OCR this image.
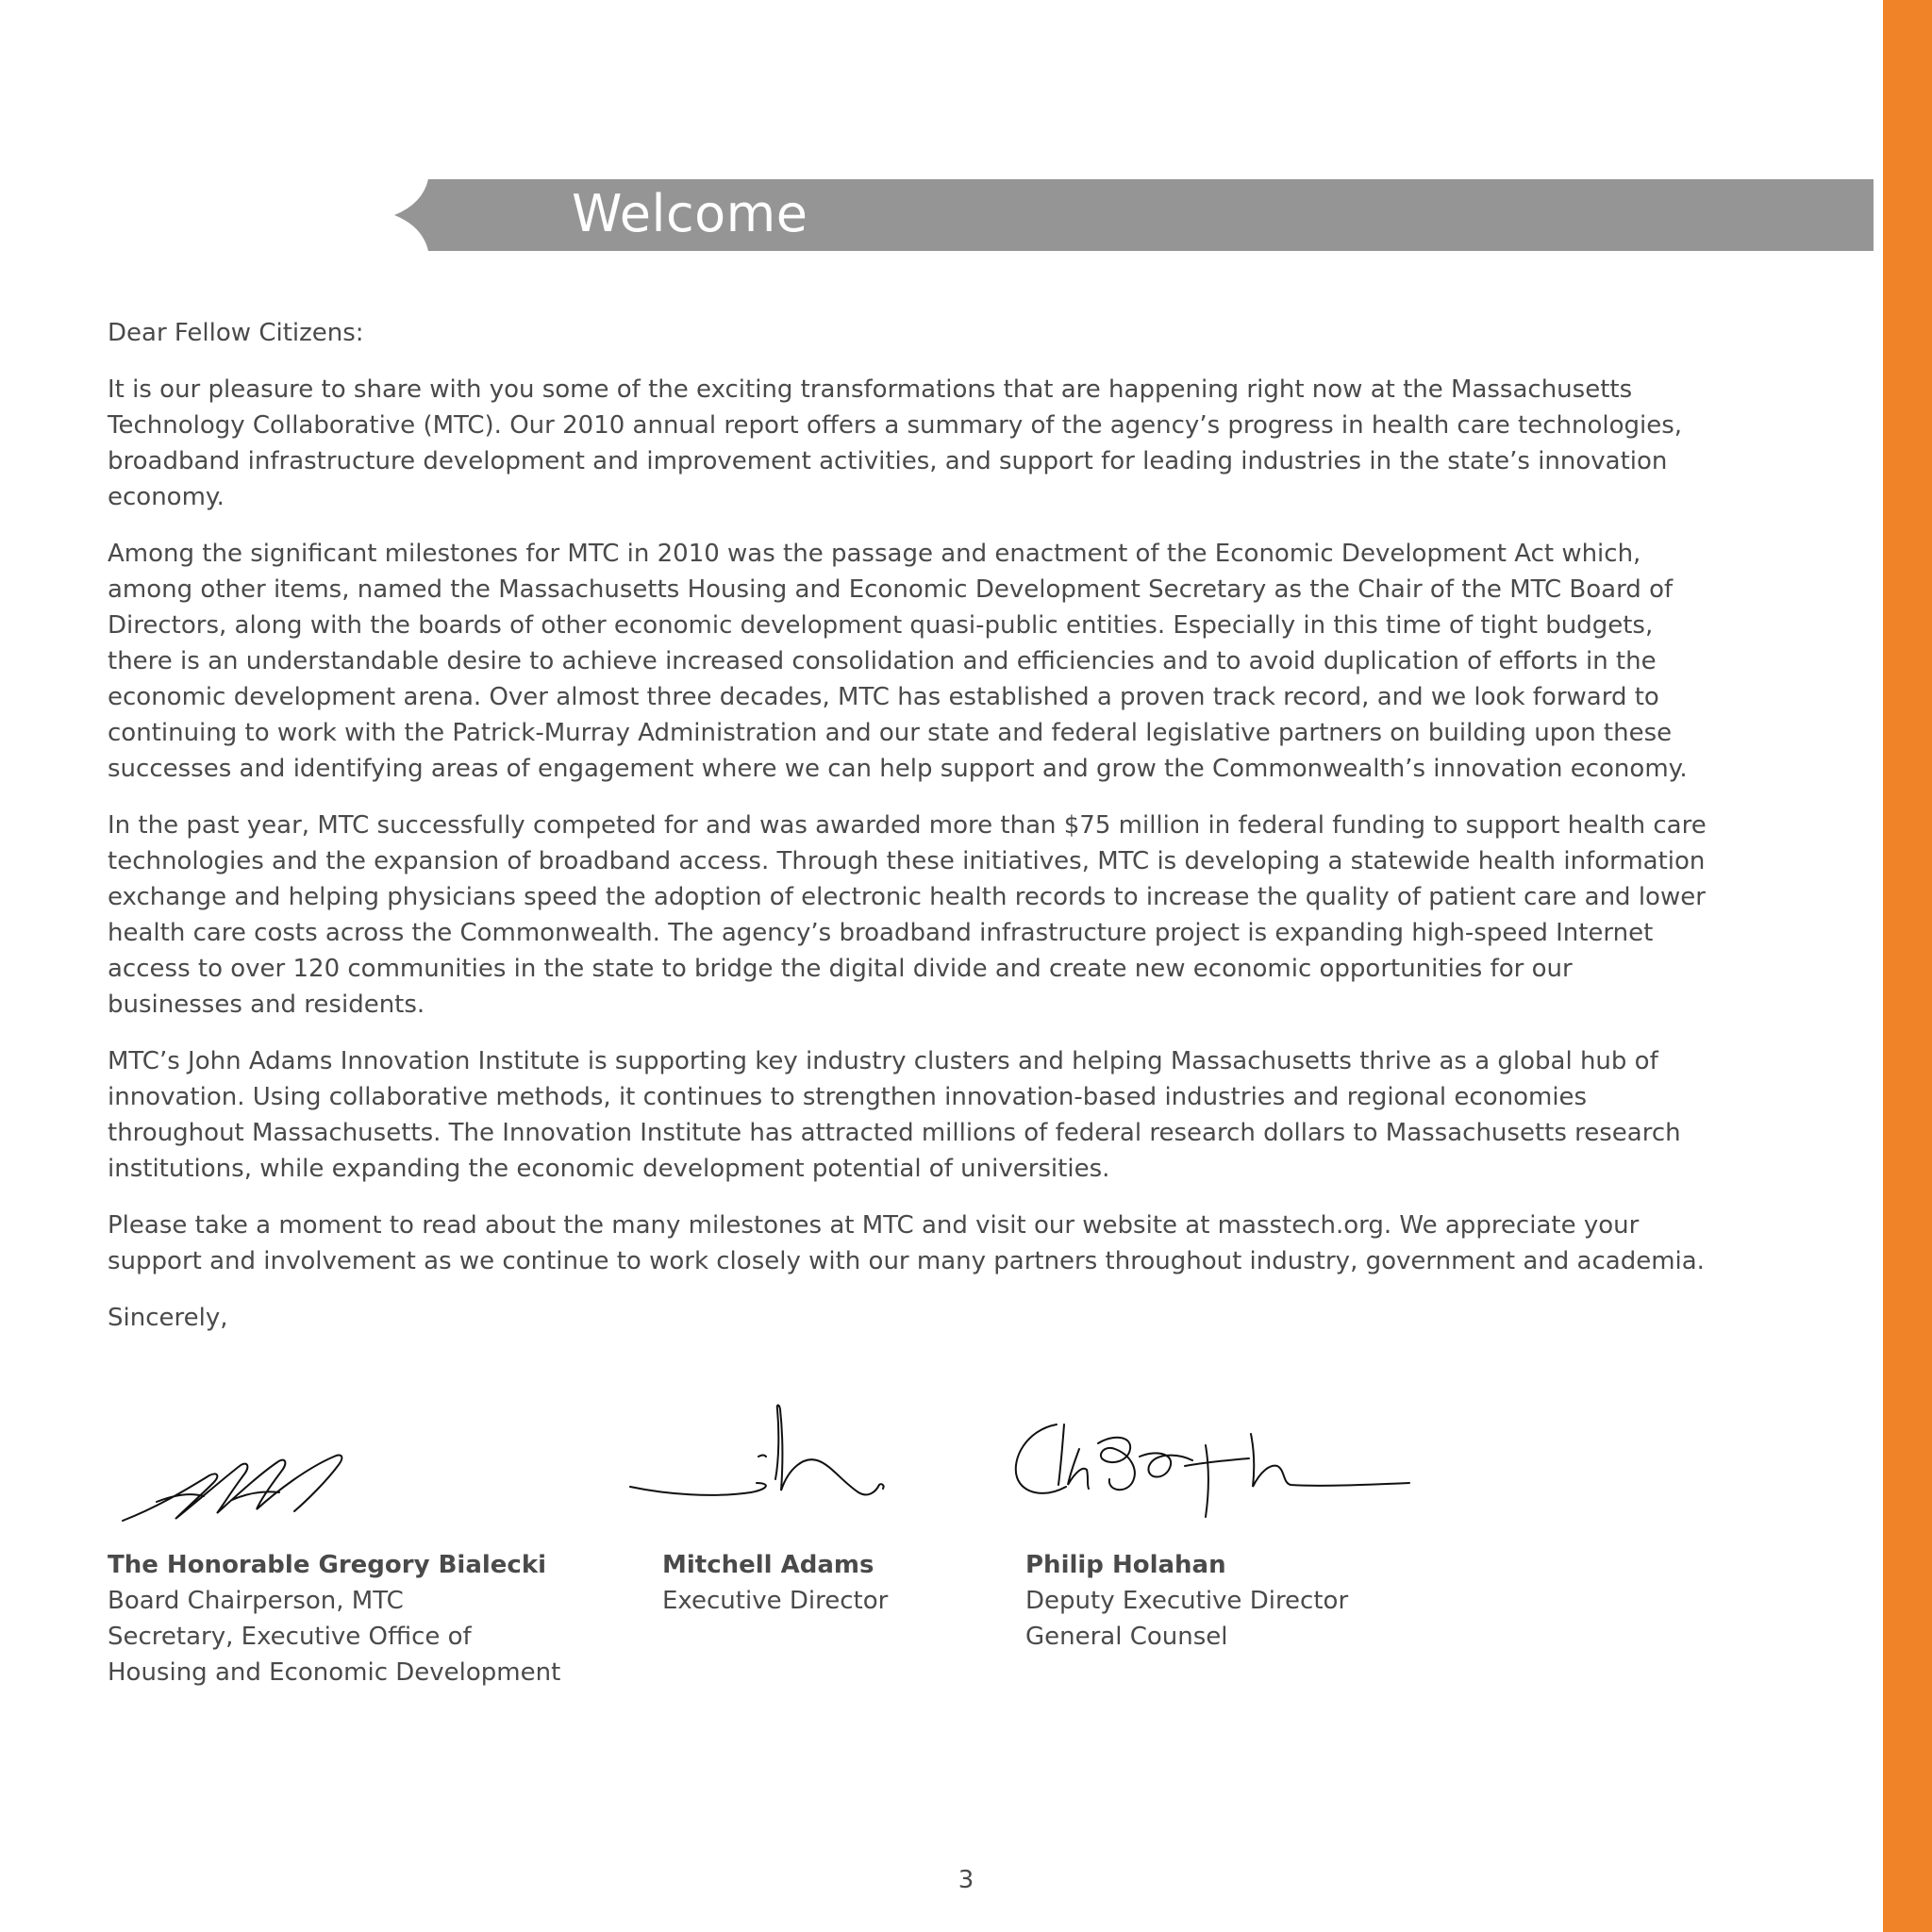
Welcome

Dear Fellow Citizens:

It is our pleasure to share with you some of the exciting transformations that are happening right now at the Massachusetts Technology Collaborative (MTC). Our 2010 annual report offers a summary of the agency’s progress in health care technologies, broadband infrastructure development and improvement activities, and support for leading industries in the state’s innovation economy.

Among the significant milestones for MTC in 2010 was the passage and enactment of the Economic Development Act which, among other items, named the Massachusetts Housing and Economic Development Secretary as the Chair of the MTC Board of Directors, along with the boards of other economic development quasi-public entities. Especially in this time of tight budgets, there is an understandable desire to achieve increased consolidation and efficiencies and to avoid duplication of efforts in the economic development arena. Over almost three decades, MTC has established a proven track record, and we look forward to continuing to work with the Patrick-Murray Administration and our state and federal legislative partners on building upon these successes and identifying areas of engagement where we can help support and grow the Commonwealth’s innovation economy.

In the past year, MTC successfully competed for and was awarded more than $75 million in federal funding to support health care technologies and the expansion of broadband access. Through these initiatives, MTC is developing a statewide health information exchange and helping physicians speed the adoption of electronic health records to increase the quality of patient care and lower health care costs across the Commonwealth. The agency’s broadband infrastructure project is expanding high-speed Internet access to over 120 communities in the state to bridge the digital divide and create new economic opportunities for our businesses and residents.

MTC’s John Adams Innovation Institute is supporting key industry clusters and helping Massachusetts thrive as a global hub of innovation. Using collaborative methods, it continues to strengthen innovation-based industries and regional economies throughout Massachusetts. The Innovation Institute has attracted millions of federal research dollars to Massachusetts research institutions, while expanding the economic development potential of universities.

Please take a moment to read about the many milestones at MTC and visit our website at masstech.org. We appreciate your support and involvement as we continue to work closely with our many partners throughout industry, government and academia.

Sincerely,

The Honorable Gregory Bialecki
Board Chairperson, MTC
Secretary, Executive Office of
Housing and Economic Development
Mitchell Adams
Executive Director
Philip Holahan
Deputy Executive Director
General Counsel
3
